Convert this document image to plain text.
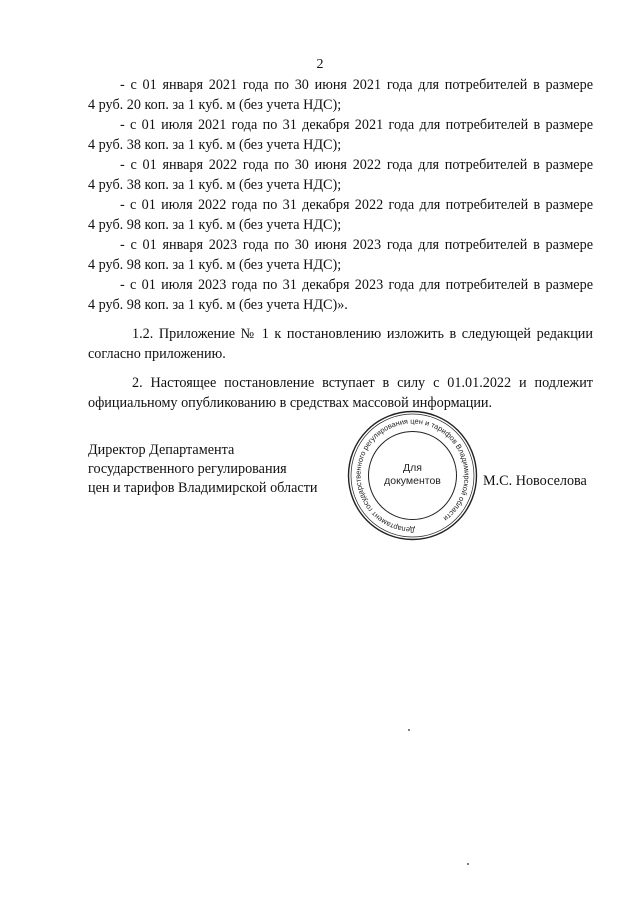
2

- с 01 января 2021 года по 30 июня 2021 года для потребителей в размере
4 руб. 20 коп. за 1 куб. м (без учета НДС);

- с 01 июля 2021 года по 31 декабря 2021 года для потребителей в размере
4 руб. 38 коп. за 1 куб. м (без учета НДС);

- с 01 января 2022 года по 30 июня 2022 года для потребителей в размере
4 руб. 38 коп. за 1 куб. м (без учета НДС);

- с 01 июля 2022 года по 31 декабря 2022 года для потребителей в размере
4 руб. 98 коп. за 1 куб. м (без учета НДС);

- с 01 января 2023 года по 30 июня 2023 года для потребителей в размере
4 руб. 98 коп. за 1 куб. м (без учета НДС);

- с 01 июля 2023 года по 31 декабря 2023 года для потребителей в размере
4 руб. 98 коп. за 1 куб. м (без учета НДС)».

1.2. Приложение № 1 к постановлению изложить в следующей редакции
согласно приложению.

2. Настоящее постановление вступает в силу с 01.01.2022 и подлежит
официальному опубликованию в средствах массовой информации.

Директор Департамента
государственного регулирования
цен и тарифов Владимирской области
Департамент государственного регулирования цен и тарифов Владимирской области
Для
документов	М.С. Новоселова
